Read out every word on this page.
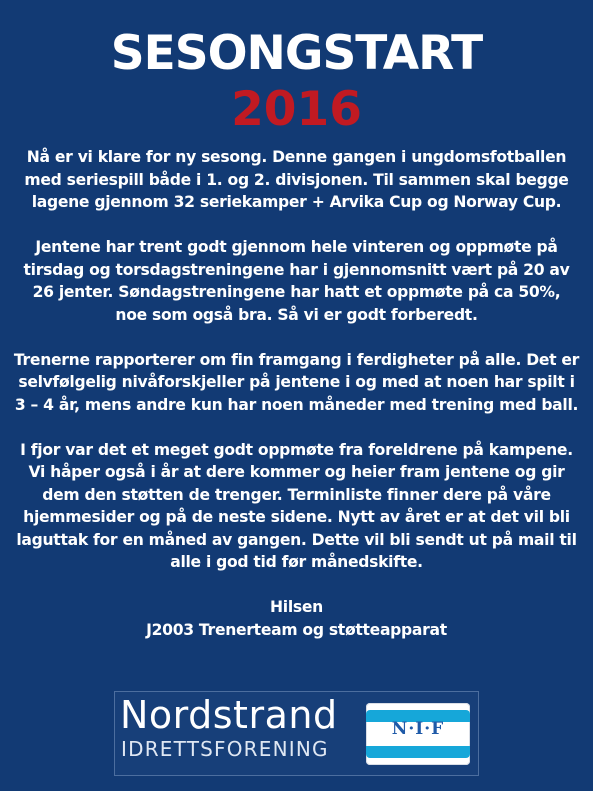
SESONGSTART
2016
Nå er vi klare for ny sesong. Denne gangen i ungdomsfotballen
med seriespill både i 1. og 2. divisjonen. Til sammen skal begge
lagene gjennom 32 seriekamper + Arvika Cup og Norway Cup.
Jentene har trent godt gjennom hele vinteren og oppmøte på
tirsdag og torsdagstreningene har i gjennomsnitt vært på 20 av
26 jenter. Søndagstreningene har hatt et oppmøte på ca 50%,
noe som også bra. Så vi er godt forberedt.
Trenerne rapporterer om fin framgang i ferdigheter på alle. Det er
selvfølgelig nivåforskjeller på jentene i og med at noen har spilt i
3 – 4 år, mens andre kun har noen måneder med trening med ball.
I fjor var det et meget godt oppmøte fra foreldrene på kampene.
Vi håper også i år at dere kommer og heier fram jentene og gir
dem den støtten de trenger. Terminliste finner dere på våre
hjemmesider og på de neste sidene. Nytt av året er at det vil bli
laguttak for en måned av gangen. Dette vil bli sendt ut på mail til
alle i god tid før månedskifte.
Hilsen
J2003 Trenerteam og støtteapparat
Nordstrand
IDRETTSFORENING
N·I·F
